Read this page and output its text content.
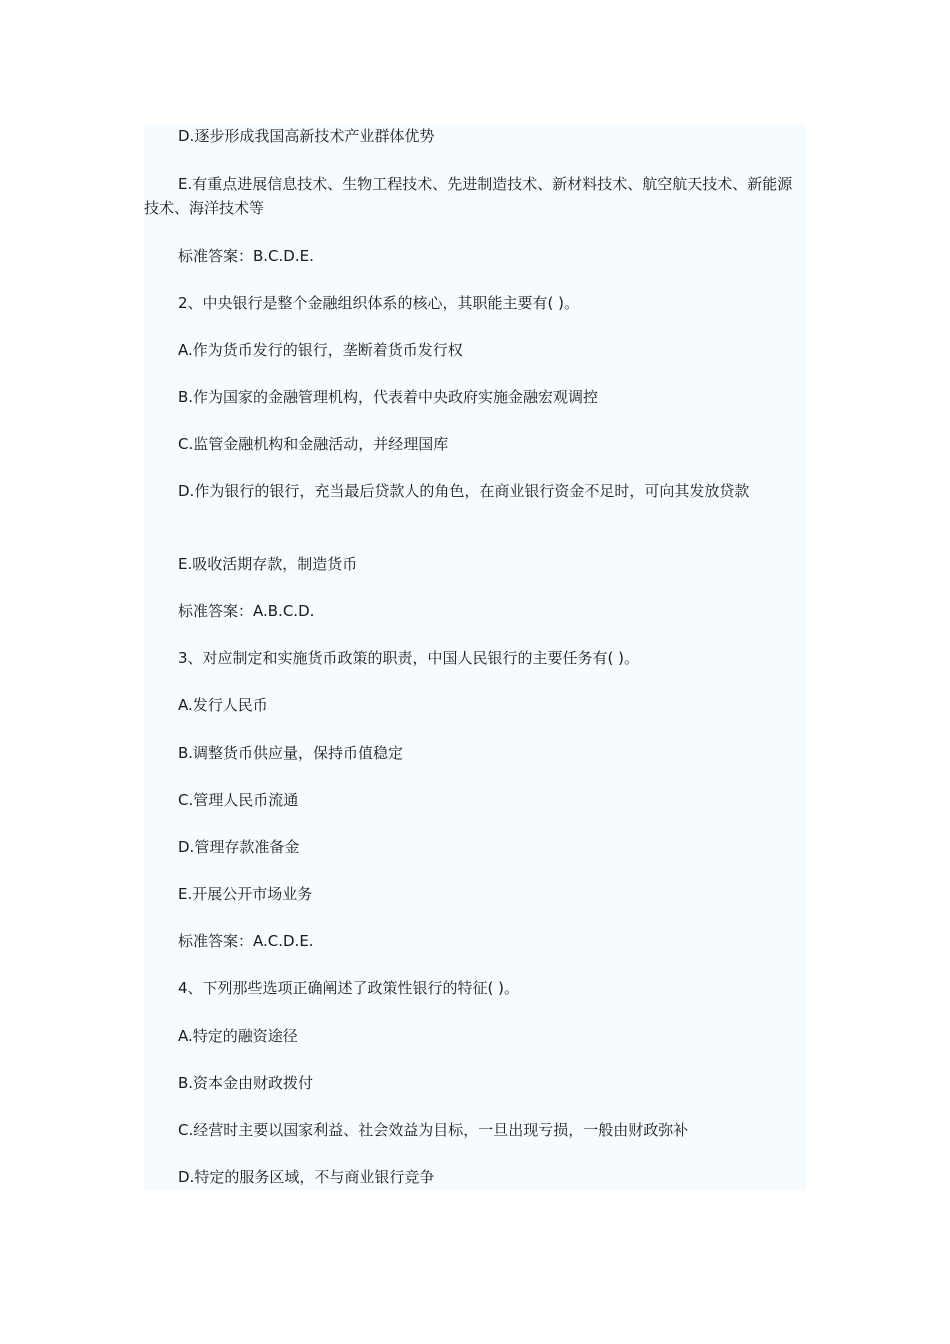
D.逐步形成我国高新技术产业群体优势

E.有重点进展信息技术、生物工程技术、先进制造技术、新材料技术、航空航天技术、新能源技术、海洋技术等

标准答案：B.C.D.E.

2、中央银行是整个金融组织体系的核心，其职能主要有( )。

A.作为货币发行的银行，垄断着货币发行权

B.作为国家的金融管理机构，代表着中央政府实施金融宏观调控

C.监管金融机构和金融活动，并经理国库

D.作为银行的银行，充当最后贷款人的角色，在商业银行资金不足时，可向其发放贷款

E.吸收活期存款，制造货币

标准答案：A.B.C.D.

3、对应制定和实施货币政策的职责，中国人民银行的主要任务有( )。

A.发行人民币

B.调整货币供应量，保持币值稳定

C.管理人民币流通

D.管理存款准备金

E.开展公开市场业务

标准答案：A.C.D.E.

4、下列那些选项正确阐述了政策性银行的特征( )。

A.特定的融资途径

B.资本金由财政拨付

C.经营时主要以国家利益、社会效益为目标，一旦出现亏损，一般由财政弥补

D.特定的服务区域，不与商业银行竞争
